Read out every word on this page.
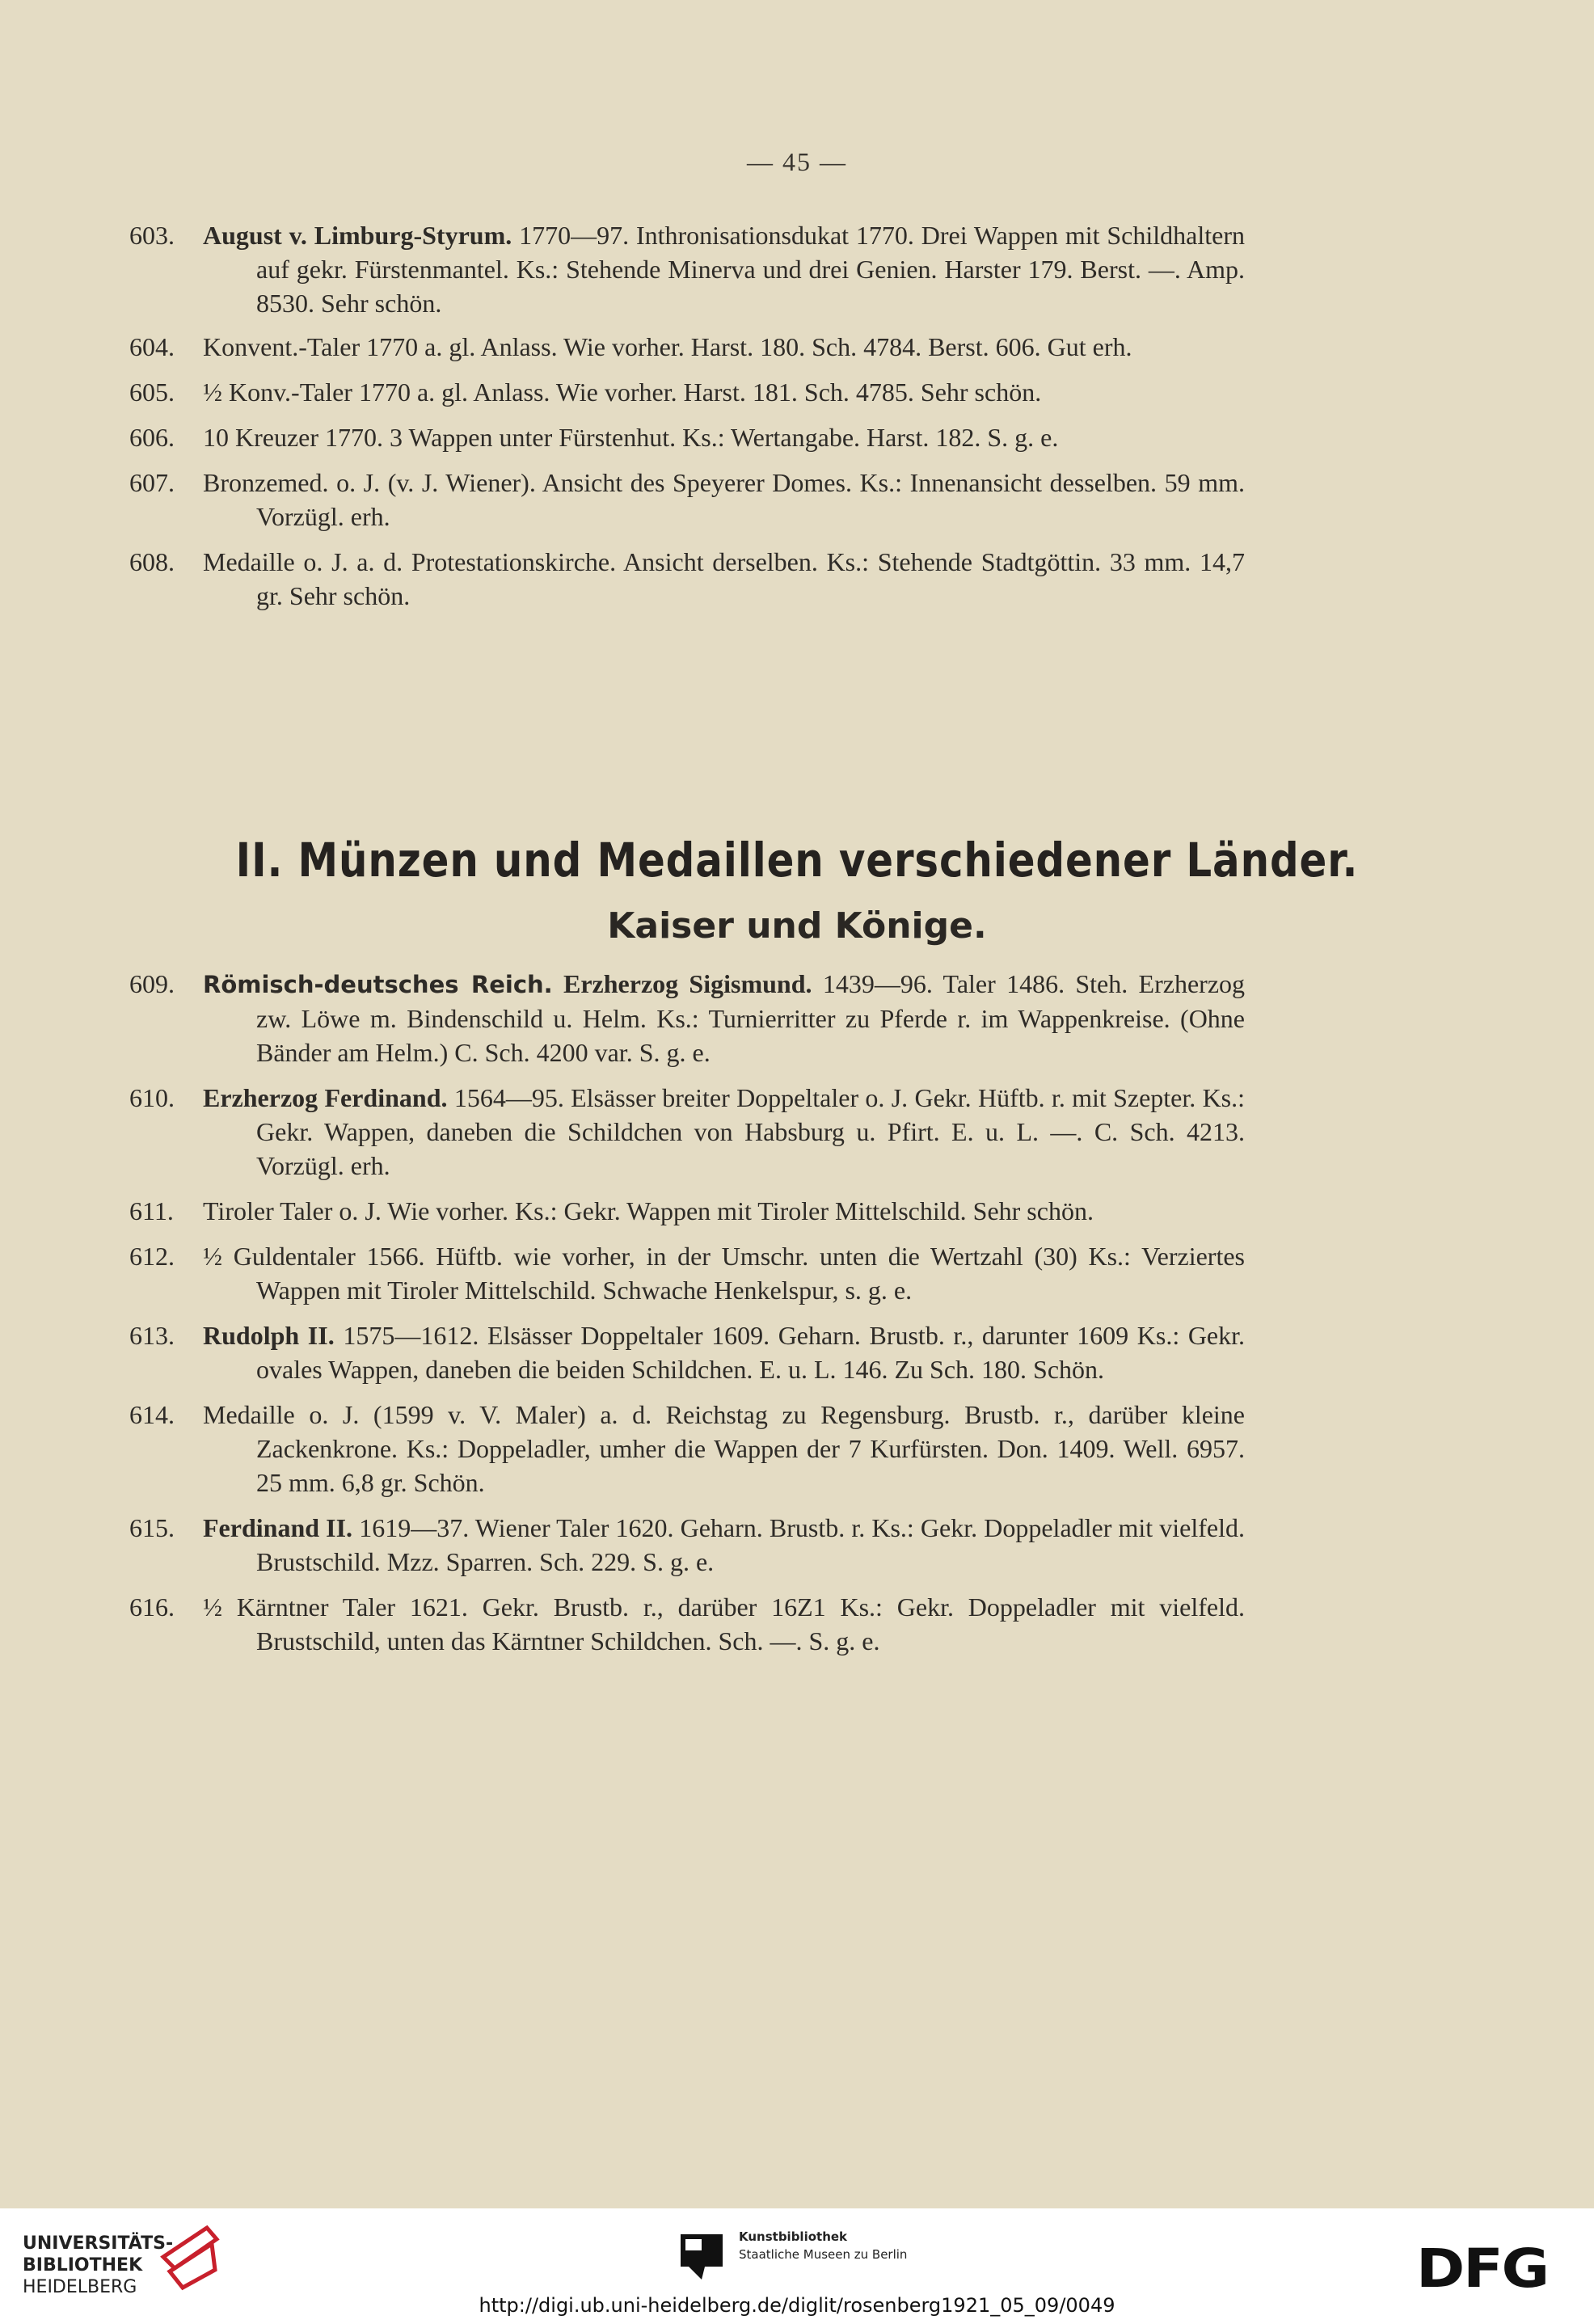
— 45 —

603. August v. Limburg-Styrum. 1770—97. Inthronisationsdukat 1770. Drei Wappen mit Schildhaltern auf gekr. Fürstenmantel. Ks.: Stehende Minerva und drei Genien. Harster 179. Berst. —. Amp. 8530. Sehr schön.

604. Konvent.-Taler 1770 a. gl. Anlass. Wie vorher. Harst. 180. Sch. 4784. Berst. 606. Gut erh.

605. ½ Konv.-Taler 1770 a. gl. Anlass. Wie vorher. Harst. 181. Sch. 4785. Sehr schön.

606. 10 Kreuzer 1770. 3 Wappen unter Fürstenhut. Ks.: Wertangabe. Harst. 182. S. g. e.

607. Bronzemed. o. J. (v. J. Wiener). Ansicht des Speyerer Domes. Ks.: Innenansicht desselben. 59 mm. Vorzügl. erh.

608. Medaille o. J. a. d. Protestationskirche. Ansicht derselben. Ks.: Stehende Stadtgöttin. 33 mm. 14,7 gr. Sehr schön.

II. Münzen und Medaillen verschiedener Länder.
Kaiser und Könige.

609. Römisch-deutsches Reich. Erzherzog Sigismund. 1439—96. Taler 1486. Steh. Erzherzog zw. Löwe m. Bindenschild u. Helm. Ks.: Turnierritter zu Pferde r. im Wappenkreise. (Ohne Bänder am Helm.) C. Sch. 4200 var. S. g. e.

610. Erzherzog Ferdinand. 1564—95. Elsässer breiter Doppeltaler o. J. Gekr. Hüftb. r. mit Szepter. Ks.: Gekr. Wappen, daneben die Schildchen von Habsburg u. Pfirt. E. u. L. —. C. Sch. 4213. Vorzügl. erh.

611. Tiroler Taler o. J. Wie vorher. Ks.: Gekr. Wappen mit Tiroler Mittelschild. Sehr schön.

612. ½ Guldentaler 1566. Hüftb. wie vorher, in der Umschr. unten die Wertzahl (30) Ks.: Verziertes Wappen mit Tiroler Mittelschild. Schwache Henkelspur, s. g. e.

613. Rudolph II. 1575—1612. Elsässer Doppeltaler 1609. Geharn. Brustb. r., darunter 1609 Ks.: Gekr. ovales Wappen, daneben die beiden Schildchen. E. u. L. 146. Zu Sch. 180. Schön.

614. Medaille o. J. (1599 v. V. Maler) a. d. Reichstag zu Regensburg. Brustb. r., darüber kleine Zackenkrone. Ks.: Doppeladler, umher die Wappen der 7 Kurfürsten. Don. 1409. Well. 6957. 25 mm. 6,8 gr. Schön.

615. Ferdinand II. 1619—37. Wiener Taler 1620. Geharn. Brustb. r. Ks.: Gekr. Doppeladler mit vielfeld. Brustschild. Mzz. Sparren. Sch. 229. S. g. e.

616. ½ Kärntner Taler 1621. Gekr. Brustb. r., darüber 16Z1 Ks.: Gekr. Doppeladler mit vielfeld. Brustschild, unten das Kärntner Schildchen. Sch. —. S. g. e.

UNIVERSITÄTS-
BIBLIOTHEK
HEIDELBERG
Kunstbibliothek
Staatliche Museen zu Berlin	DFG
http://digi.ub.uni-heidelberg.de/diglit/rosenberg1921_05_09/0049
